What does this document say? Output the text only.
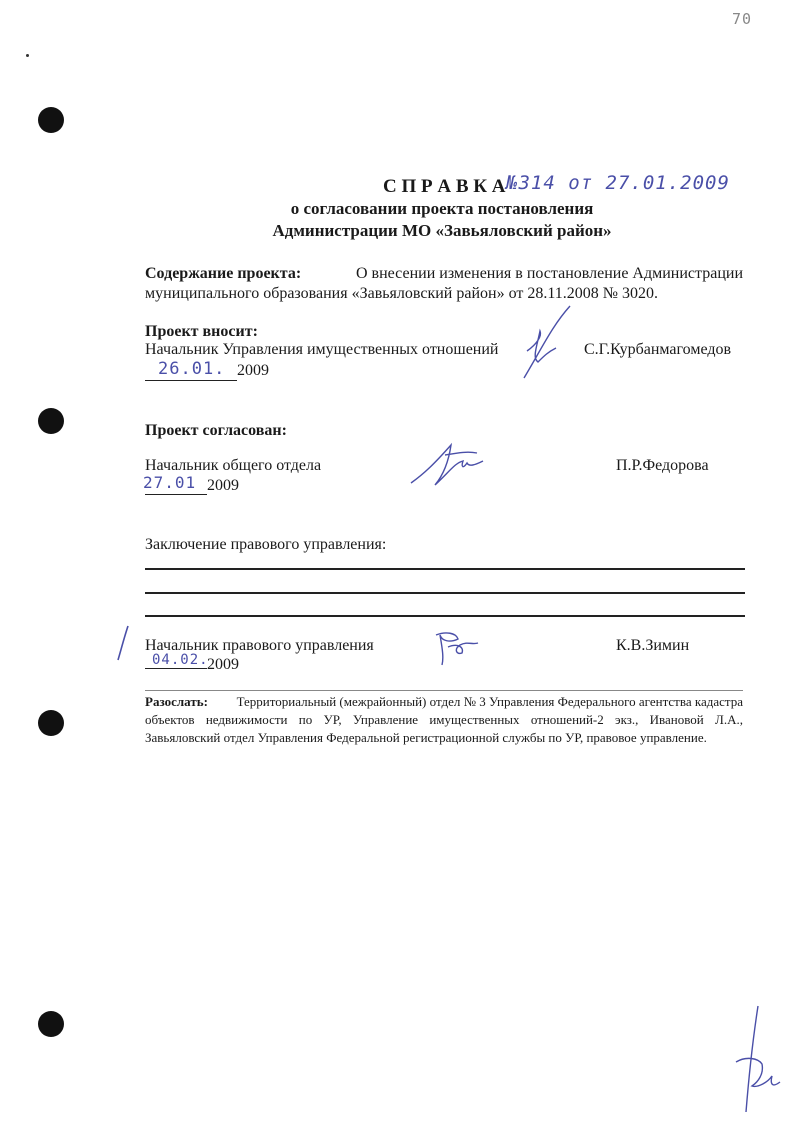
70
С П Р А В К А №314 от 27.01.2009
о согласовании проекта постановления
Администрации МО «Завьяловский район»
Содержание проекта:	О внесении изменения в постановление Администрации
муниципального образования «Завьяловский район» от 28.11.2008 № 3020.
Проект вносит:
Начальник Управления имущественных отношений	С.Г.Курбанмагомедов
26.01. 2009
Проект согласован:
Начальник общего отдела	П.Р.Федорова
27.01 2009
Заключение правового управления:
Начальник правового управления	К.В.Зимин
04.02.
2009
Разослать:	Территориальный (межрайонный) отдел № 3 Управления Федерального агентства кадастра
объектов недвижимости по УР, Управление имущественных отношений-2 экз., Ивановой Л.А.,
Завьяловский отдел Управления Федеральной регистрационной службы по УР, правовое управление.
